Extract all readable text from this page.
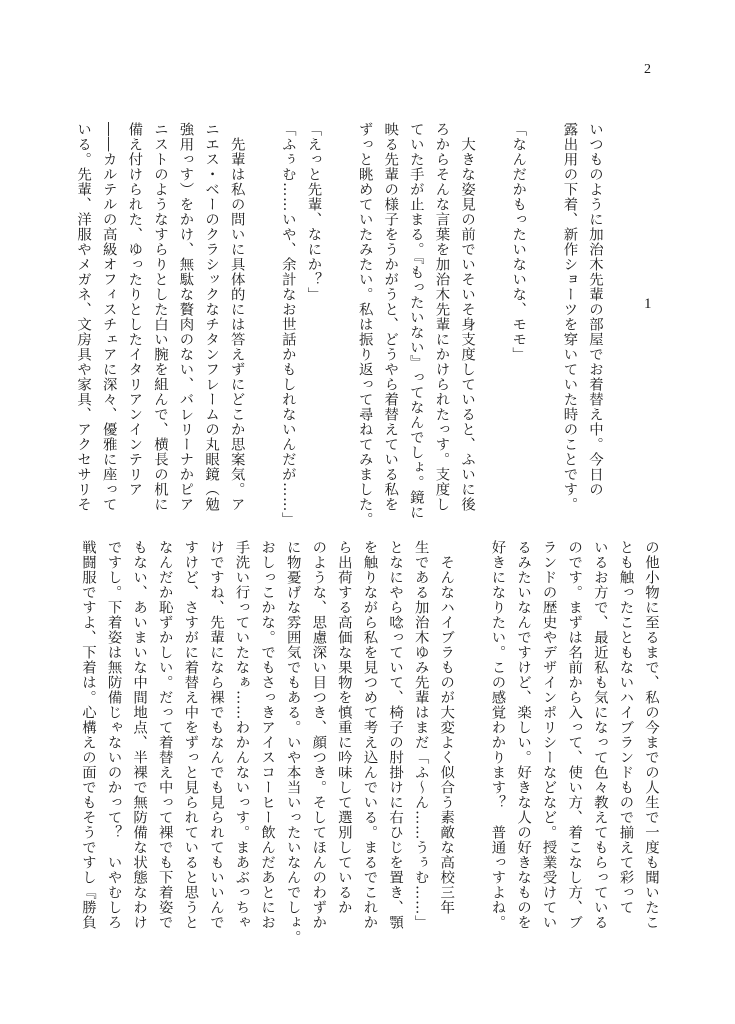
2
1
いつものように加治木先輩の部屋でお着替え中。今日の
露出用の下着、新作ショーツを穿いていた時のことです。

「なんだかもったいないな、モモ」

　大きな姿見の前でいそいそ身支度していると、ふいに後
ろからそんな言葉を加治木先輩にかけられたっす。支度し
ていた手が止まる。『もったいない』ってなんでしょ。鏡に
映る先輩の様子をうかがうと、どうやら着替えている私を
ずっと眺めていたみたい。私は振り返って尋ねてみました。

「えっと先輩、なにか？」
「ふぅむ……いや、余計なお世話かもしれないんだが……」

　先輩は私の問いに具体的には答えずにどこか思案気。ア
ニエス・ベーのクラシックなチタンフレームの丸眼鏡（勉
強用っす）をかけ、無駄な贅肉のない、バレリーナかピア
ニストのようなすらりとした白い腕を組んで、横長の机に
備え付けられた、ゆったりとしたイタリアンインテリア
――カルテルの高級オフィスチェアに深々、優雅に座って
いる。先輩、洋服やメガネ、文房具や家具、アクセサリそ
の他小物に至るまで、私の今までの人生で一度も聞いたこ
とも触ったこともないハイブランドもので揃えて彩って
いるお方で、最近私も気になって色々教えてもらっている
のです。まずは名前から入って、使い方、着こなし方、ブ
ランドの歴史やデザインポリシーなどなど。授業受けてい
るみたいなんですけど、楽しい。好きな人の好きなものを
好きになりたい。この感覚わかります？　普通っすよね。

　そんなハイブラものが大変よく似合う素敵な高校三年
生である加治木ゆみ先輩はまだ「ふ～ん……うぅむ……」
となにやら唸っていて、椅子の肘掛けに右ひじを置き、顎
を触りながら私を見つめて考え込んでいる。まるでこれか
ら出荷する高価な果物を慎重に吟味して選別しているか
のような、思慮深い目つき、顔つき。そしてほんのわずか
に物憂げな雰囲気でもある。いや本当いったいなんでしょ。
おしっこかな。でもさっきアイスコーヒー飲んだあとにお
手洗い行っていたなぁ……わかんないっす。まあぶっちゃ
けですね、先輩になら裸でもなんでも見られてもいいんで
すけど、さすがに着替え中をずっと見られていると思うと
なんだか恥ずかしい。だって着替え中って裸でも下着姿で
もない、あいまいな中間地点、半裸で無防備な状態なわけ
ですし。下着姿は無防備じゃないのかって？　いやむしろ
戦闘服ですよ、下着は。心構えの面でもそうですし『勝負
